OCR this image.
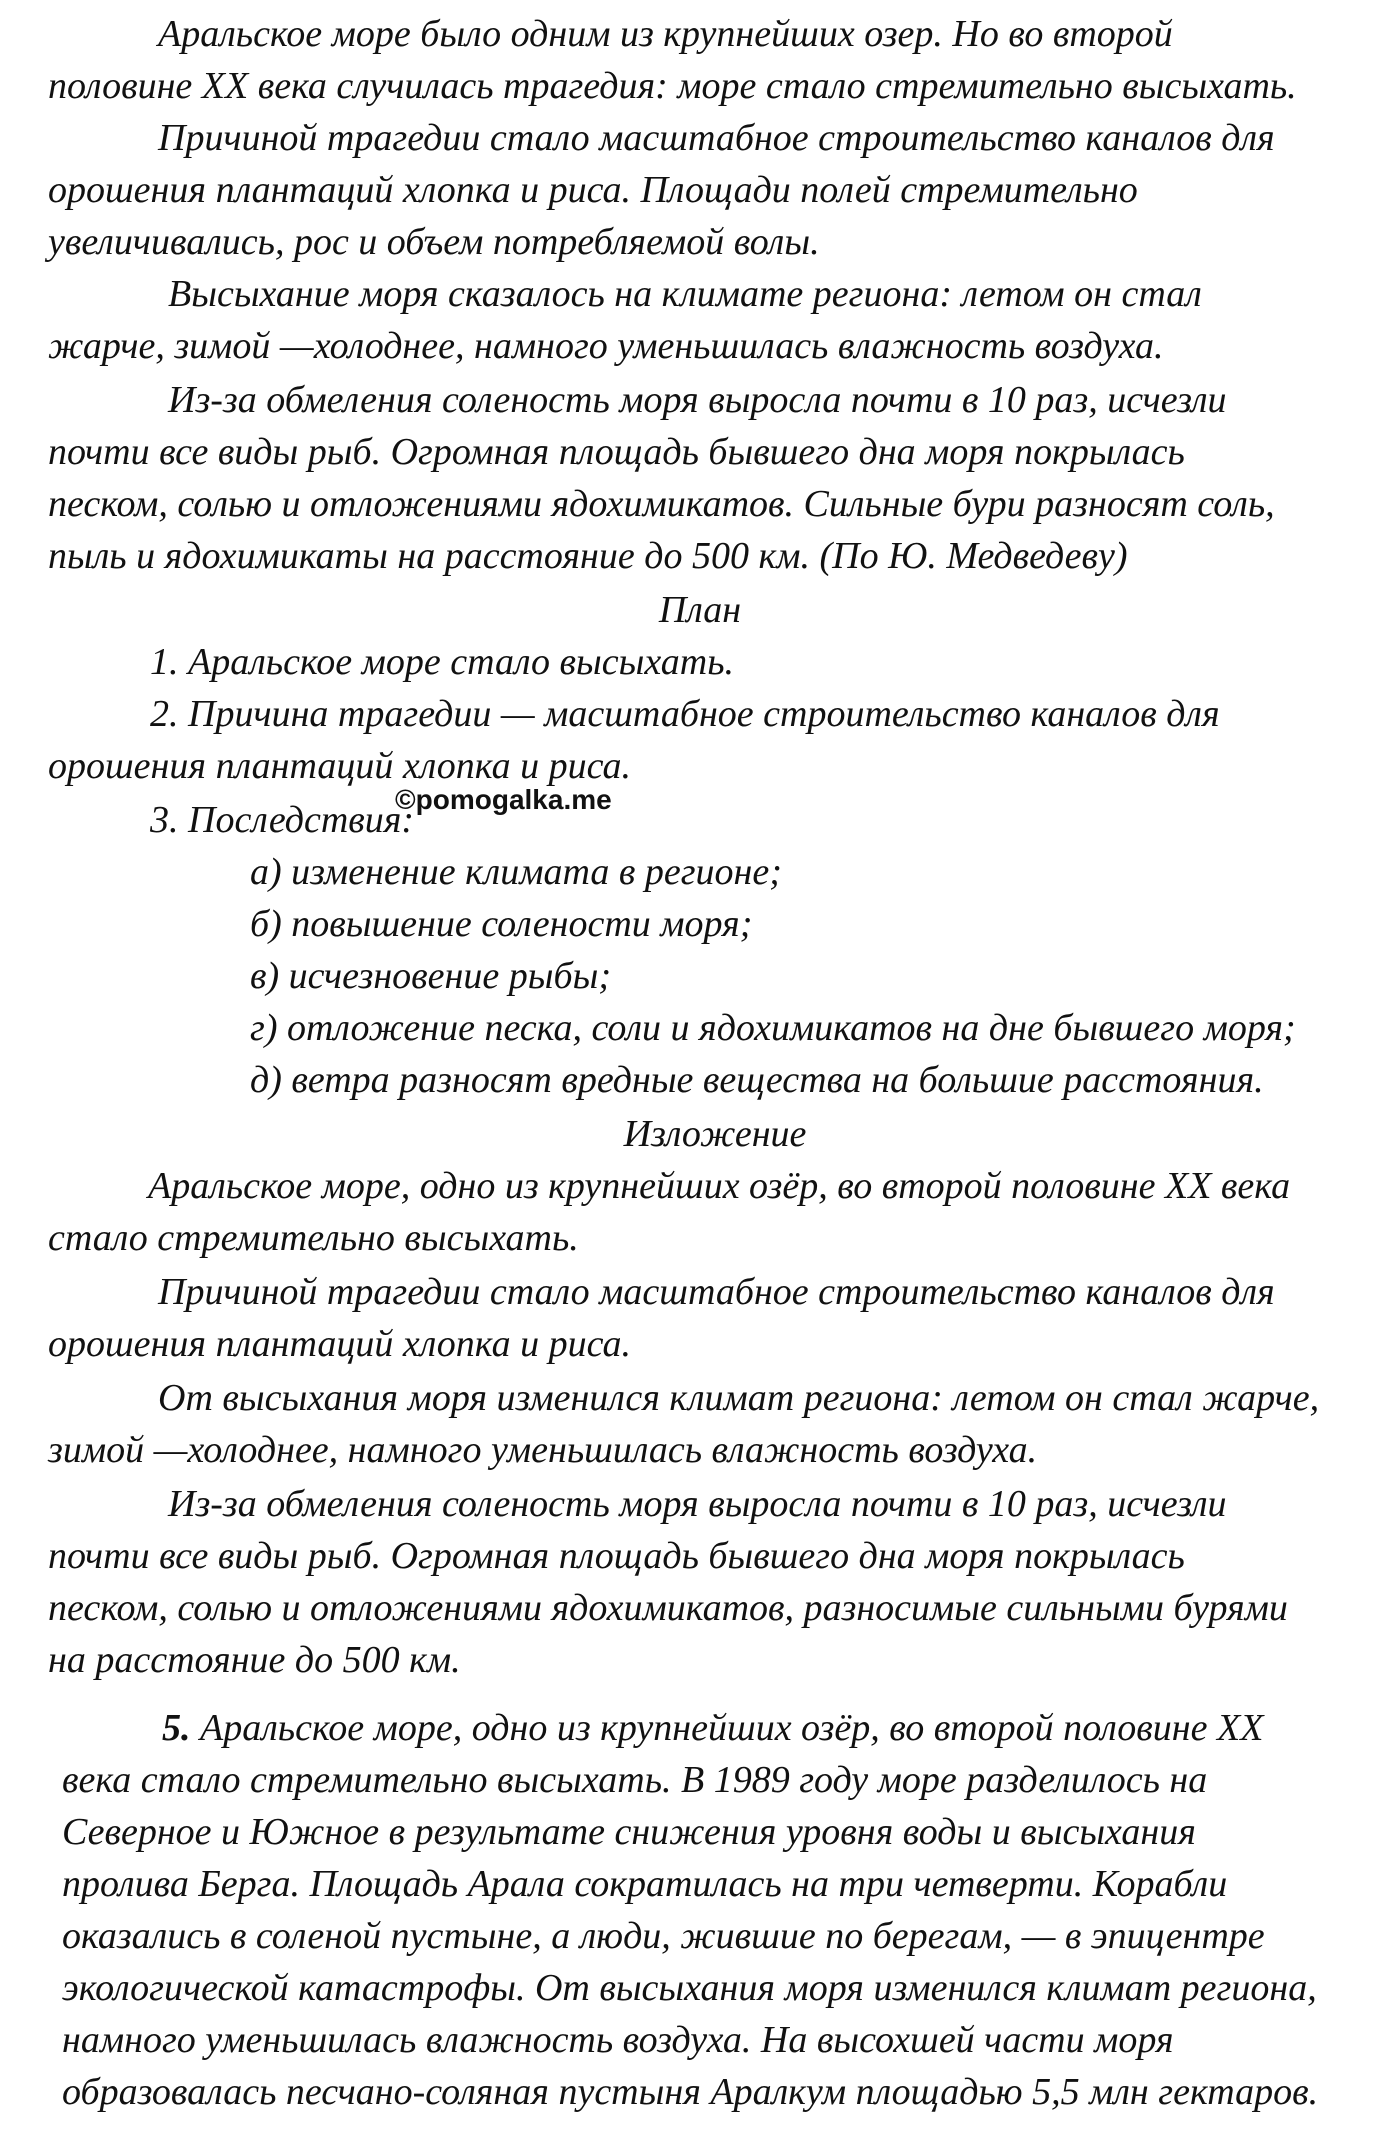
Аральское море было одним из крупнейших озер. Но во второй

половине XX века случилась трагедия: море стало стремительно высыхать.

Причиной трагедии стало масштабное строительство каналов для

орошения плантаций хлопка и риса. Площади полей стремительно

увеличивались, рос и объем потребляемой волы.

Высыхание моря сказалось на климате региона: летом он стал

жарче, зимой —холоднее, намного уменьшилась влажность воздуха.

Из-за обмеления соленость моря выросла почти в 10 раз, исчезли

почти все виды рыб. Огромная площадь бывшего дна моря покрылась

песком, солью и отложениями ядохимикатов. Сильные бури разносят соль,

пыль и ядохимикаты на расстояние до 500 км. (По Ю. Медведеву)

План

1. Аральское море стало высыхать.

2. Причина трагедии — масштабное строительство каналов для

орошения плантаций хлопка и риса.

3. Последствия:

а) изменение климата в регионе;

б) повышение солености моря;

в) исчезновение рыбы;

г) отложение песка, соли и ядохимикатов на дне бывшего моря;

д) ветра разносят вредные вещества на большие расстояния.

©pomogalka.me

Изложение

Аральское море, одно из крупнейших озёр, во второй половине XX века

стало стремительно высыхать.

Причиной трагедии стало масштабное строительство каналов для

орошения плантаций хлопка и риса.

От высыхания моря изменился климат региона: летом он стал жарче,

зимой —холоднее, намного уменьшилась влажность воздуха.

Из-за обмеления соленость моря выросла почти в 10 раз, исчезли

почти все виды рыб. Огромная площадь бывшего дна моря покрылась

песком, солью и отложениями ядохимикатов, разносимые сильными бурями

на расстояние до 500 км.

5. Аральское море, одно из крупнейших озёр, во второй половине XX

века стало стремительно высыхать. В 1989 году море разделилось на

Северное и Южное в результате снижения уровня воды и высыхания

пролива Берга. Площадь Арала сократилась на три четверти. Корабли

оказались в соленой пустыне, а люди, жившие по берегам, — в эпицентре

экологической катастрофы. От высыхания моря изменился климат региона,

намного уменьшилась влажность воздуха. На высохшей части моря

образовалась песчано-соляная пустыня Аралкум площадью 5,5 млн гектаров.
